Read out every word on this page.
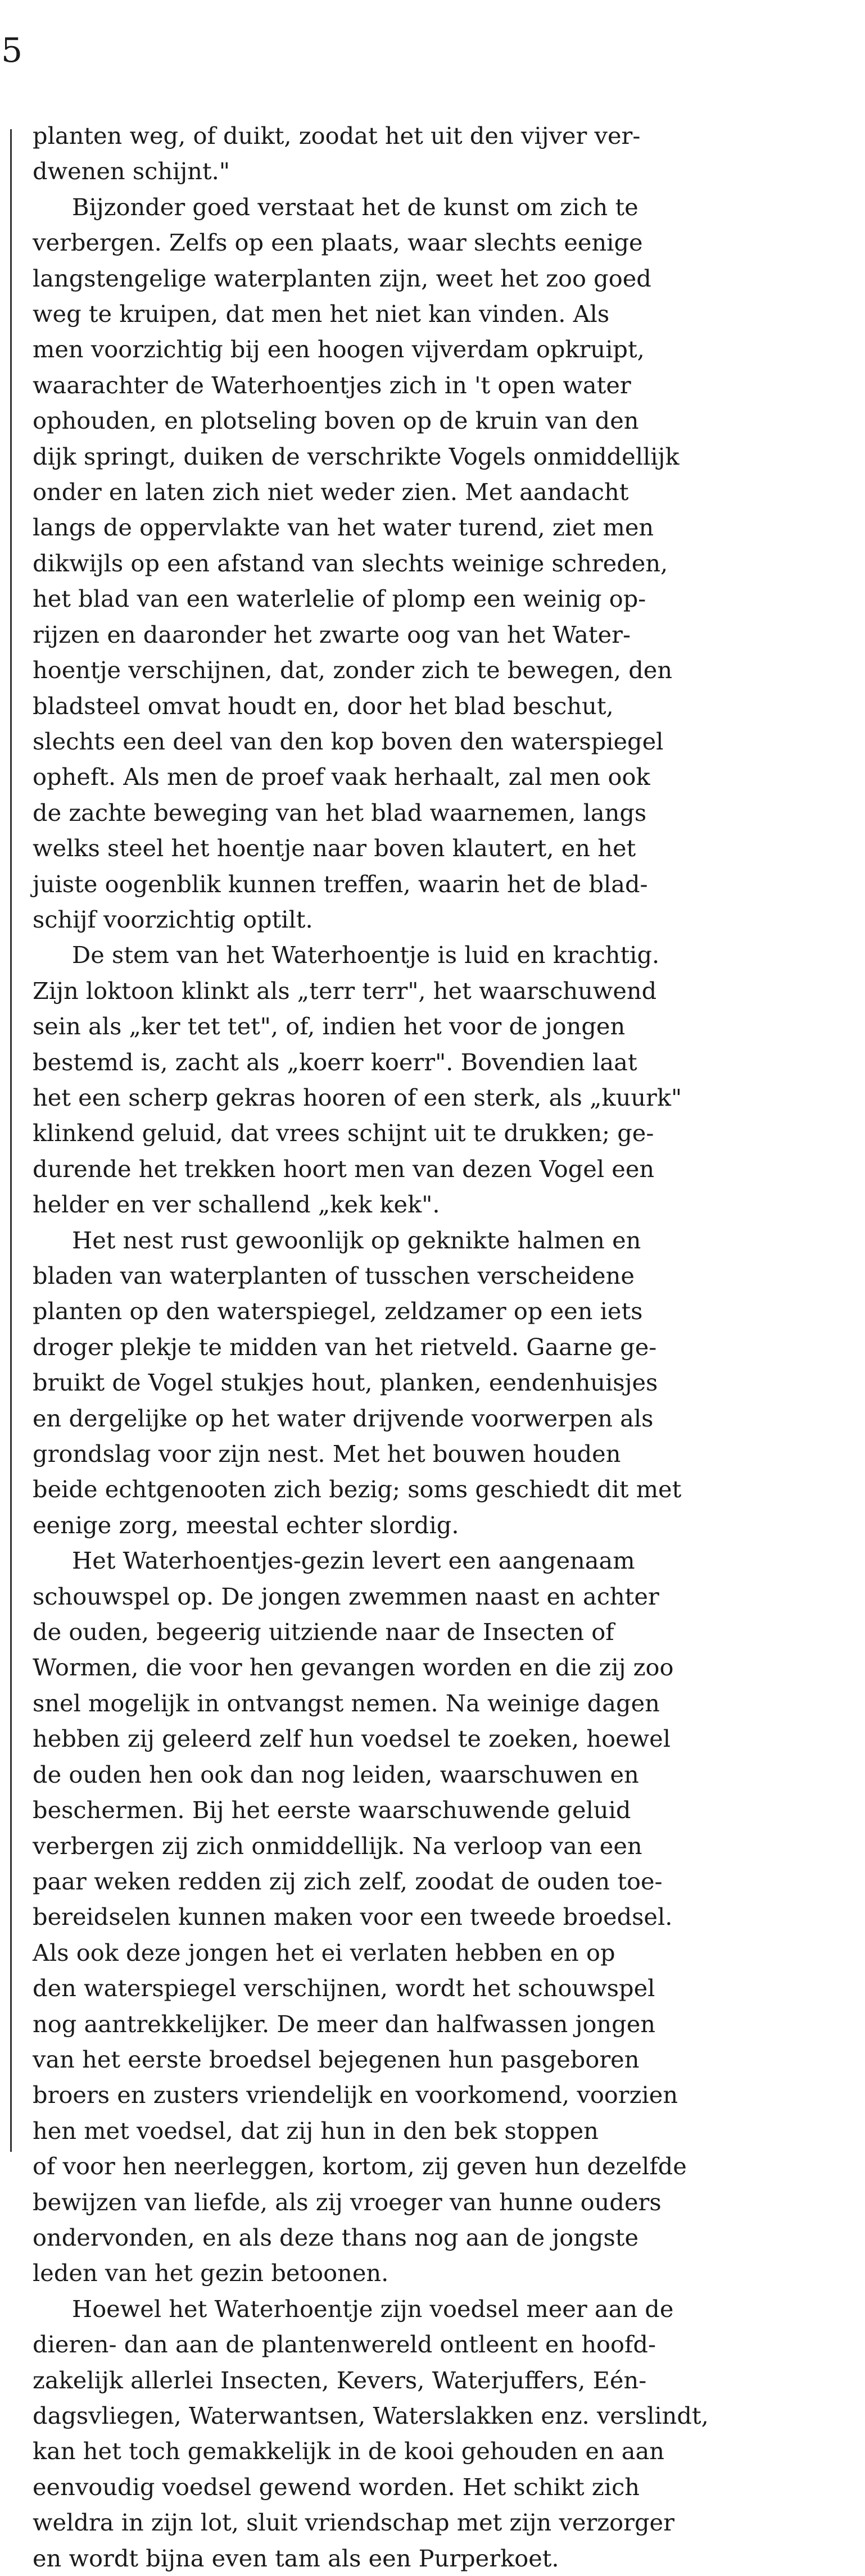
5

planten weg, of duikt, zoodat het uit den vijver ver-
dwenen schijnt."

Bijzonder goed verstaat het de kunst om zich te
verbergen. Zelfs op een plaats, waar slechts eenige
langstengelige waterplanten zijn, weet het zoo goed
weg te kruipen, dat men het niet kan vinden. Als
men voorzichtig bij een hoogen vijverdam opkruipt,
waarachter de Waterhoentjes zich in 't open water
ophouden, en plotseling boven op de kruin van den
dijk springt, duiken de verschrikte Vogels onmiddellijk
onder en laten zich niet weder zien. Met aandacht
langs de oppervlakte van het water turend, ziet men
dikwijls op een afstand van slechts weinige schreden,
het blad van een waterlelie of plomp een weinig op-
rijzen en daaronder het zwarte oog van het Water-
hoentje verschijnen, dat, zonder zich te bewegen, den
bladsteel omvat houdt en, door het blad beschut,
slechts een deel van den kop boven den waterspiegel
opheft. Als men de proef vaak herhaalt, zal men ook
de zachte beweging van het blad waarnemen, langs
welks steel het hoentje naar boven klautert, en het
juiste oogenblik kunnen treffen, waarin het de blad-
schijf voorzichtig optilt.

De stem van het Waterhoentje is luid en krachtig.
Zijn loktoon klinkt als „terr terr", het waarschuwend
sein als „ker tet tet", of, indien het voor de jongen
bestemd is, zacht als „koerr koerr". Bovendien laat
het een scherp gekras hooren of een sterk, als „kuurk"
klinkend geluid, dat vrees schijnt uit te drukken; ge-
durende het trekken hoort men van dezen Vogel een
helder en ver schallend „kek kek".

Het nest rust gewoonlijk op geknikte halmen en
bladen van waterplanten of tusschen verscheidene
planten op den waterspiegel, zeldzamer op een iets
droger plekje te midden van het rietveld. Gaarne ge-
bruikt de Vogel stukjes hout, planken, eendenhuisjes
en dergelijke op het water drijvende voorwerpen als
grondslag voor zijn nest. Met het bouwen houden
beide echtgenooten zich bezig; soms geschiedt dit met
eenige zorg, meestal echter slordig.

Het Waterhoentjes-gezin levert een aangenaam
schouwspel op. De jongen zwemmen naast en achter
de ouden, begeerig uitziende naar de Insecten of
Wormen, die voor hen gevangen worden en die zij zoo
snel mogelijk in ontvangst nemen. Na weinige dagen
hebben zij geleerd zelf hun voedsel te zoeken, hoewel
de ouden hen ook dan nog leiden, waarschuwen en
beschermen. Bij het eerste waarschuwende geluid
verbergen zij zich onmiddellijk. Na verloop van een
paar weken redden zij zich zelf, zoodat de ouden toe-
bereidselen kunnen maken voor een tweede broedsel.
Als ook deze jongen het ei verlaten hebben en op
den waterspiegel verschijnen, wordt het schouwspel
nog aantrekkelijker. De meer dan halfwassen jongen
van het eerste broedsel bejegenen hun pasgeboren
broers en zusters vriendelijk en voorkomend, voorzien
hen met voedsel, dat zij hun in den bek stoppen
of voor hen neerleggen, kortom, zij geven hun dezelfde
bewijzen van liefde, als zij vroeger van hunne ouders
ondervonden, en als deze thans nog aan de jongste
leden van het gezin betoonen.

Hoewel het Waterhoentje zijn voedsel meer aan de
dieren- dan aan de plantenwereld ontleent en hoofd-
zakelijk allerlei Insecten, Kevers, Waterjuffers, Eén-
dagsvliegen, Waterwantsen, Waterslakken enz. verslindt,
kan het toch gemakkelijk in de kooi gehouden en aan
eenvoudig voedsel gewend worden. Het schikt zich
weldra in zijn lot, sluit vriendschap met zijn verzorger
en wordt bijna even tam als een Purperkoet.
